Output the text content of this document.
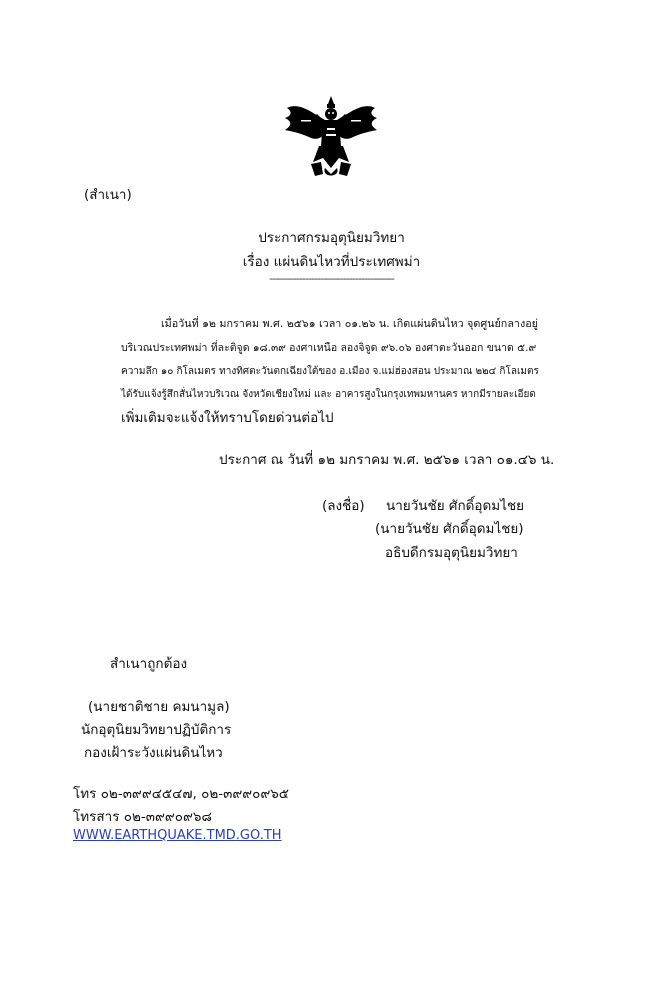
(สำเนา)
ประกาศกรมอุตุนิยมวิทยา
เรื่อง แผ่นดินไหวที่ประเทศพม่า
------------------------------------------
เมื่อวันที่ ๑๒ มกราคม พ.ศ. ๒๕๖๑ เวลา ๐๑.๒๖ น. เกิดแผ่นดินไหว จุดศูนย์กลางอยู่
บริเวณประเทศพม่า ที่ละติจูด ๑๘.๓๙ องศาเหนือ ลองจิจูด ๙๖.๐๖ องศาตะวันออก ขนาด ๕.๙
ความลึก ๑๐ กิโลเมตร ทางทิศตะวันตกเฉียงใต้ของ อ.เมือง จ.แม่ฮ่องสอน ประมาณ ๒๒๔ กิโลเมตร
ได้รับแจ้งรู้สึกสั่นไหวบริเวณ จังหวัดเชียงใหม่ และ อาคารสูงในกรุงเทพมหานคร หากมีรายละเอียด
เพิ่มเติมจะแจ้งให้ทราบโดยด่วนต่อไป
ประกาศ ณ วันที่ ๑๒ มกราคม พ.ศ. ๒๕๖๑ เวลา ๐๑.๔๖ น.
(ลงชื่อ) นายวันชัย ศักดิ์อุดมไชย
(นายวันชัย ศักดิ์อุดมไชย)
อธิบดีกรมอุตุนิยมวิทยา
สำเนาถูกต้อง
(นายชาติชาย คมนามูล)
นักอุตุนิยมวิทยาปฏิบัติการ
กองเฝ้าระวังแผ่นดินไหว
โทร ๐๒-๓๙๙๔๕๔๗, ๐๒-๓๙๙๐๙๖๕
โทรสาร ๐๒-๓๙๙๐๙๖๘
WWW.EARTHQUAKE.TMD.GO.TH
